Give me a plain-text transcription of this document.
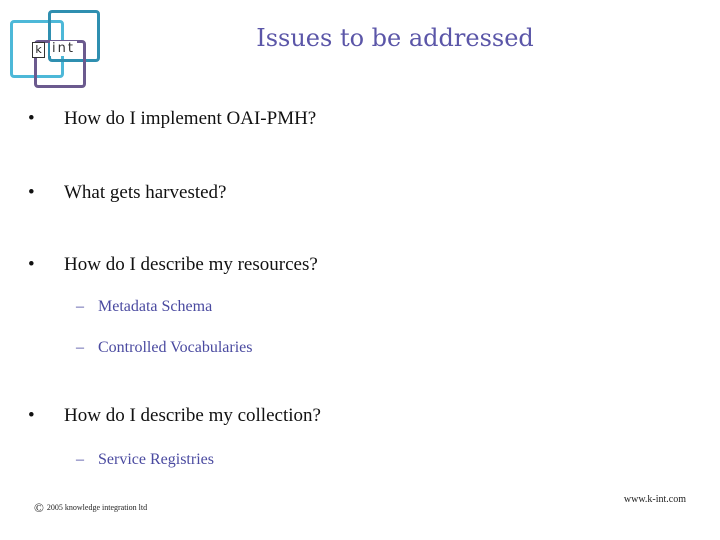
k int	Issues to be addressed
• How do I implement OAI-PMH?
• What gets harvested?
• How do I describe my resources?
– Metadata Schema
– Controlled Vocabularies
• How do I describe my collection?
– Service Registries
© 2005 knowledge integration ltd
www.k-int.com
